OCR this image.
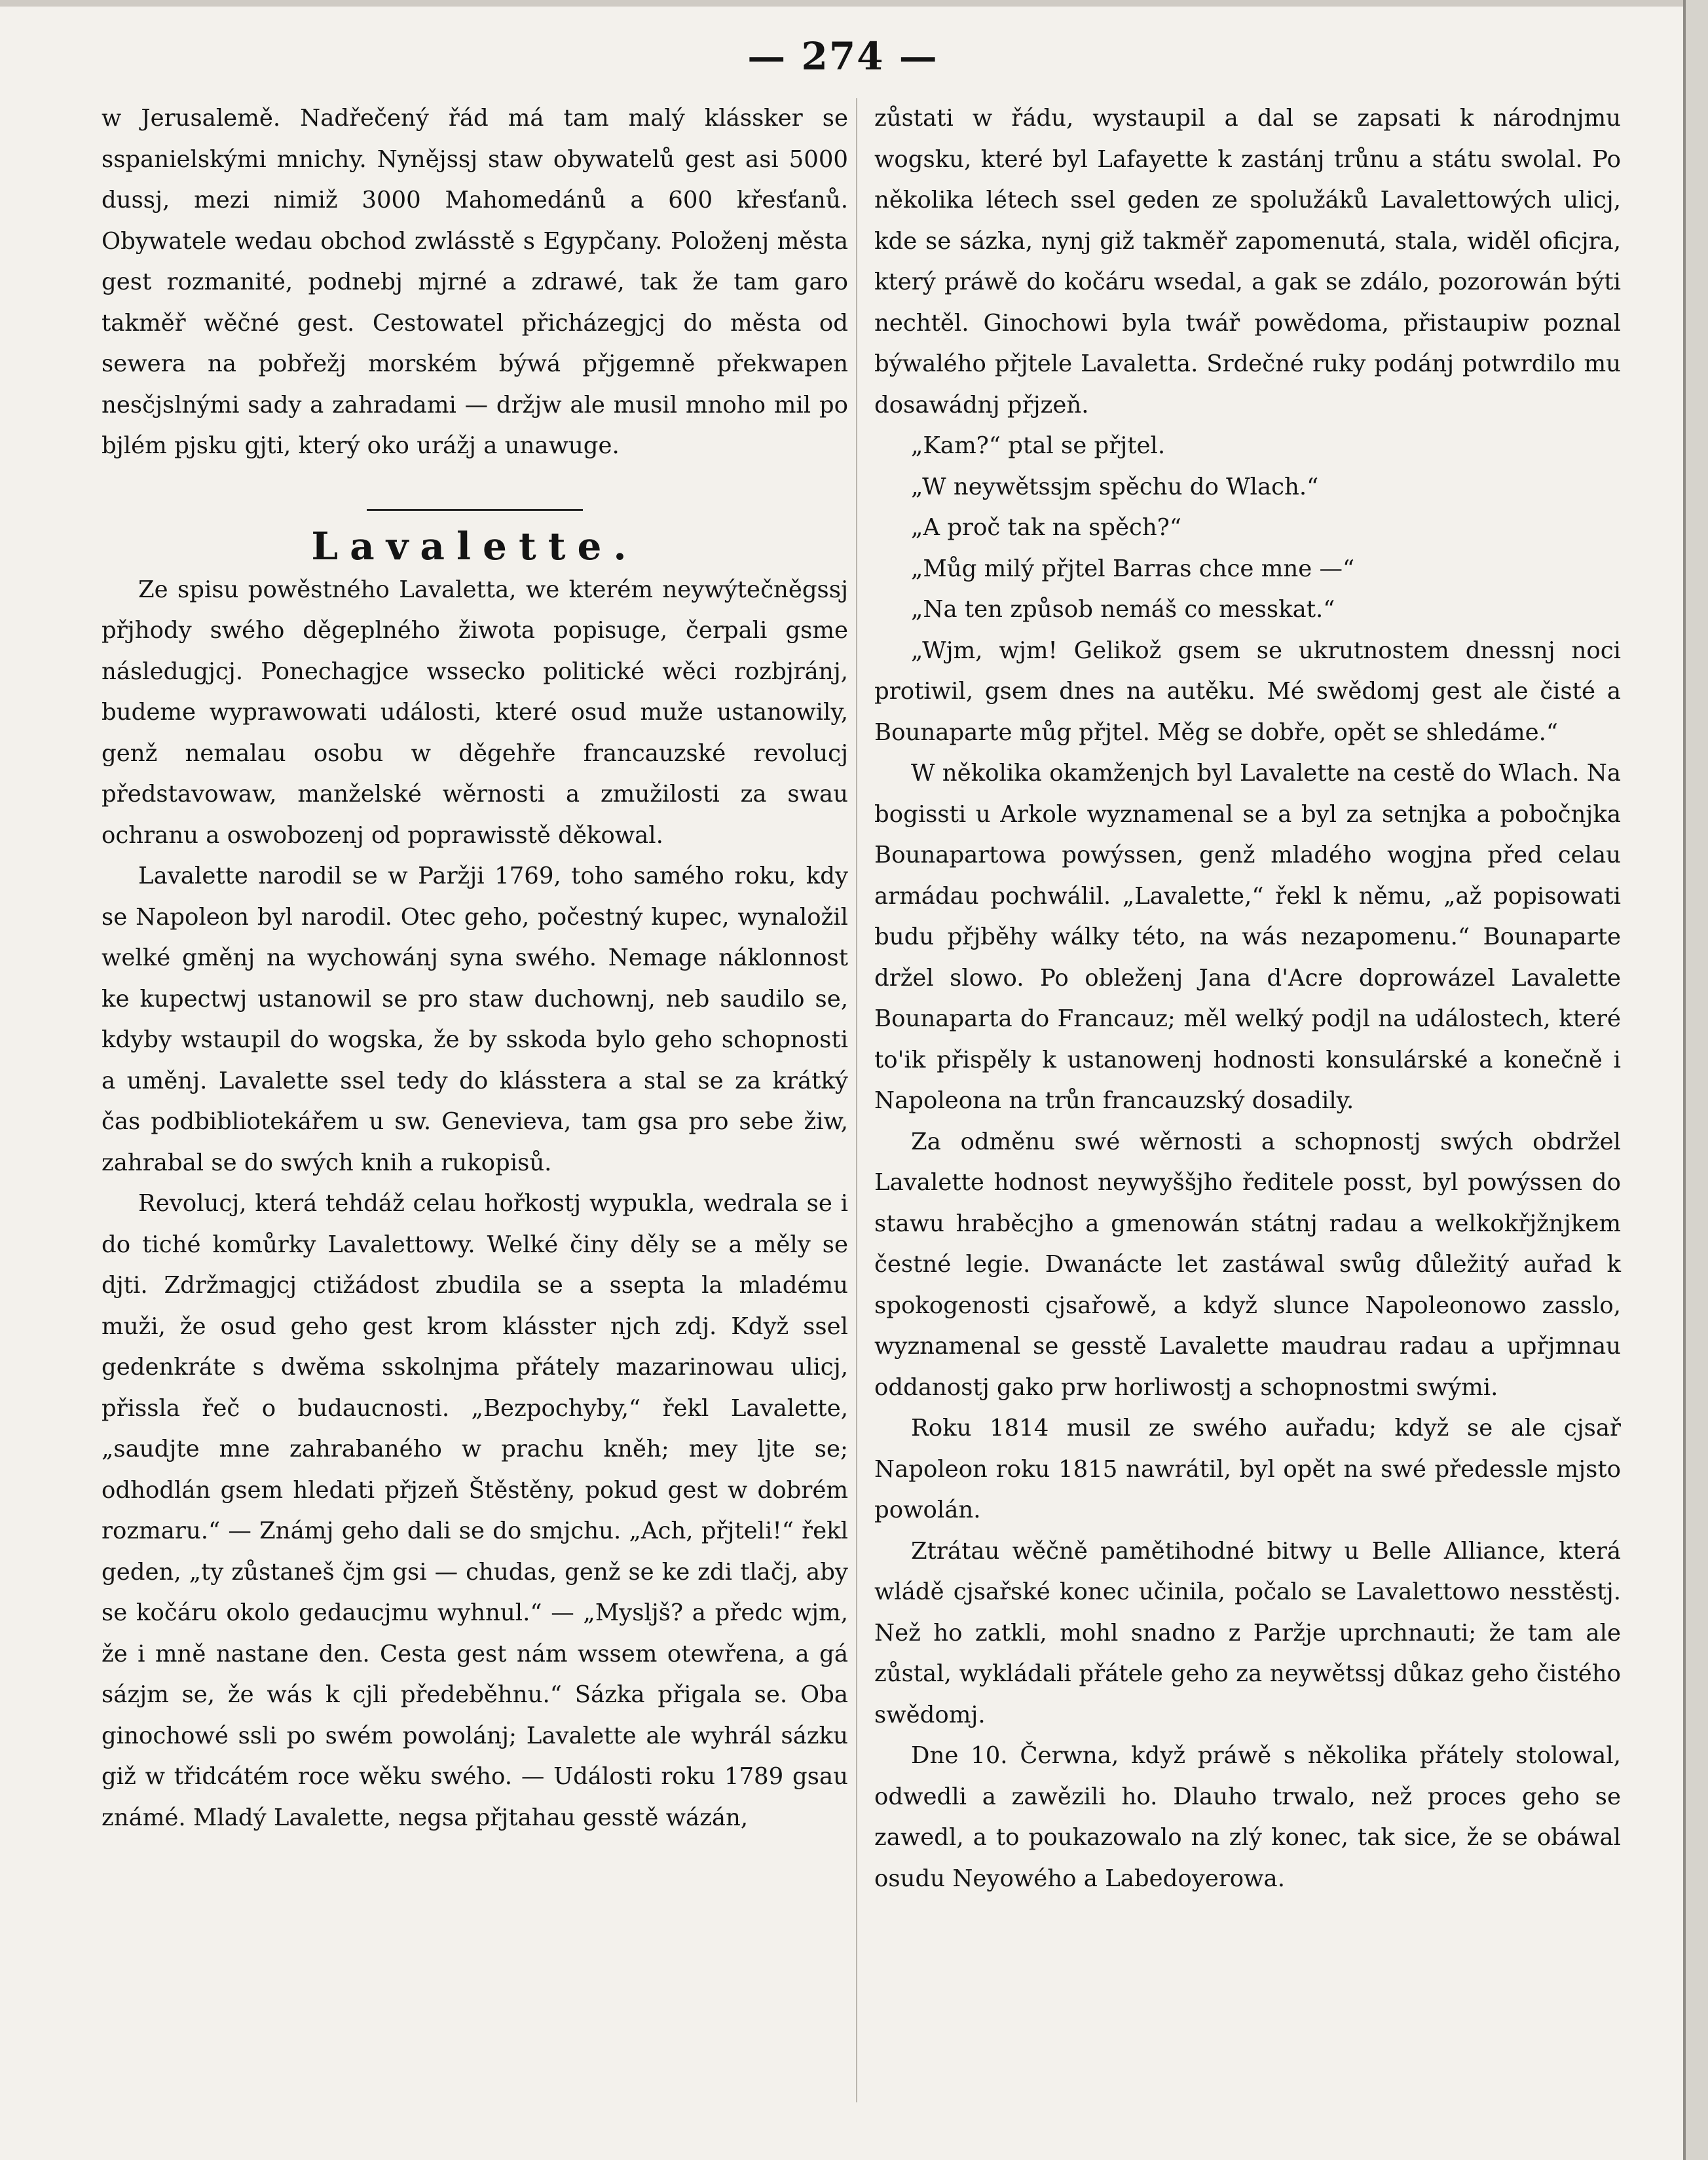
— 274 —

w Jerusalemě. Nadřečený řád má tam malý klássker se sspanielskými mnichy. Nynějssj staw obywatelů gest asi 5000 dussj, mezi nimiž 3000 Mahomedánů a 600 křesťanů. Obywatele wedau obchod zwlásstě s Egypčany. Položenj města gest rozmanité, podnebj mjrné a zdrawé, tak že tam garo takměř wěčné gest. Cestowatel přicházegjcj do města od sewera na pobřežj morském býwá přjgemně překwapen nesčjslnými sady a zahradami — držjw ale musil mnoho mil po bjlém pjsku gjti, který oko urážj a unawuge.

Lavalette.

Ze spisu powěstného Lavaletta, we kterém neywýtečněgssj přjhody swého děgeplného žiwota popisuge, čerpali gsme následugjcj. Ponechagjce wssecko politické wěci rozbjránj, budeme wyprawowati události, které osud muže ustanowily, genž nemalau osobu w děgehře francauzské revolucj představowaw, manželské wěrnosti a zmužilosti za swau ochranu a oswobozenj od poprawisstě děkowal.

Lavalette narodil se w Paržji 1769, toho samého roku, kdy se Napoleon byl narodil. Otec geho, počestný kupec, wynaložil welké gměnj na wychowánj syna swého. Nemage náklonnost ke kupectwj ustanowil se pro staw duchownj, neb saudilo se, kdyby wstaupil do wogska, že by sskoda bylo geho schopnosti a uměnj. Lavalette ssel tedy do klásstera a stal se za krátký čas podbibliotekářem u sw. Genevieva, tam gsa pro sebe žiw, zahrabal se do swých knih a rukopisů.

Revolucj, která tehdáž celau hořkostj wypukla, wedrala se i do tiché komůrky Lavalettowy. Welké činy děly se a měly se djti. Zdržmagjcj ctižádost zbudila se a ssepta la mladému muži, že osud geho gest krom klásster njch zdj. Když ssel gedenkráte s dwěma sskolnjma přátely mazarinowau ulicj, přissla řeč o budaucnosti. „Bezpochyby,“ řekl Lavalette, „saudjte mne zahrabaného w prachu kněh; mey ljte se; odhodlán gsem hledati přjzeň Štěstěny, pokud gest w dobrém rozmaru.“ — Známj geho dali se do smjchu. „Ach, přjteli!“ řekl geden, „ty zůstaneš čjm gsi — chudas, genž se ke zdi tlačj, aby se kočáru okolo gedaucjmu wyhnul.“ — „Mysljš? a předc wjm, že i mně nastane den. Cesta gest nám wssem otewřena, a gá sázjm se, že wás k cjli předeběhnu.“ Sázka přigala se. Oba ginochowé ssli po swém powolánj; Lavalette ale wyhrál sázku giž w třidcátém roce wěku swého. — Události roku 1789 gsau známé. Mladý Lavalette, negsa přjtahau gesstě wázán,

zůstati w řádu, wystaupil a dal se zapsati k národnjmu wogsku, které byl Lafayette k zastánj trůnu a státu swolal. Po několika létech ssel geden ze spolužáků Lavalettowých ulicj, kde se sázka, nynj giž takměř zapomenutá, stala, widěl oficjra, který práwě do kočáru wsedal, a gak se zdálo, pozorowán býti nechtěl. Ginochowi byla twář powědoma, přistaupiw poznal býwalého přjtele Lavaletta. Srdečné ruky podánj potwrdilo mu dosawádnj přjzeň.

„Kam?“ ptal se přjtel.

„W neywětssjm spěchu do Wlach.“

„A proč tak na spěch?“

„Můg milý přjtel Barras chce mne —“

„Na ten způsob nemáš co messkat.“

„Wjm, wjm! Gelikož gsem se ukrutnostem dnessnj noci protiwil, gsem dnes na autěku. Mé swědomj gest ale čisté a Bounaparte můg přjtel. Měg se dobře, opět se shledáme.“

W několika okamženjch byl Lavalette na cestě do Wlach. Na bogissti u Arkole wyznamenal se a byl za setnjka a pobočnjka Bounapartowa powýssen, genž mladého wogjna před celau armádau pochwálil. „Lavalette,“ řekl k němu, „až popisowati budu přjběhy wálky této, na wás nezapomenu.“ Bounaparte držel slowo. Po obleženj Jana d'Acre doprowázel Lavalette Bounaparta do Francauz; měl welký podjl na událostech, které to'ik přispěly k ustanowenj hodnosti konsulárské a konečně i Napoleona na trůn francauzský dosadily.

Za odměnu swé wěrnosti a schopnostj swých obdržel Lavalette hodnost neywyššjho ředitele posst, byl powýssen do stawu hraběcjho a gmenowán státnj radau a welkokřjžnjkem čestné legie. Dwanácte let zastáwal swůg důležitý auřad k spokogenosti cjsařowě, a když slunce Napoleonowo zasslo, wyznamenal se gesstě Lavalette maudrau radau a upřjmnau oddanostj gako prw horliwostj a schopnostmi swými.

Roku 1814 musil ze swého auřadu; když se ale cjsař Napoleon roku 1815 nawrátil, byl opět na swé předessle mjsto powolán.

Ztrátau wěčně pamětihodné bitwy u Belle Alliance, která wládě cjsařské konec učinila, počalo se Lavalettowo nesstěstj. Než ho zatkli, mohl snadno z Paržje uprchnauti; že tam ale zůstal, wykládali přátele geho za neywětssj důkaz geho čistého swědomj.

Dne 10. Čerwna, když práwě s několika přátely stolowal, odwedli a zawězili ho. Dlauho trwalo, než proces geho se zawedl, a to poukazowalo na zlý konec, tak sice, že se obáwal osudu Neyowého a Labedoyerowa.
